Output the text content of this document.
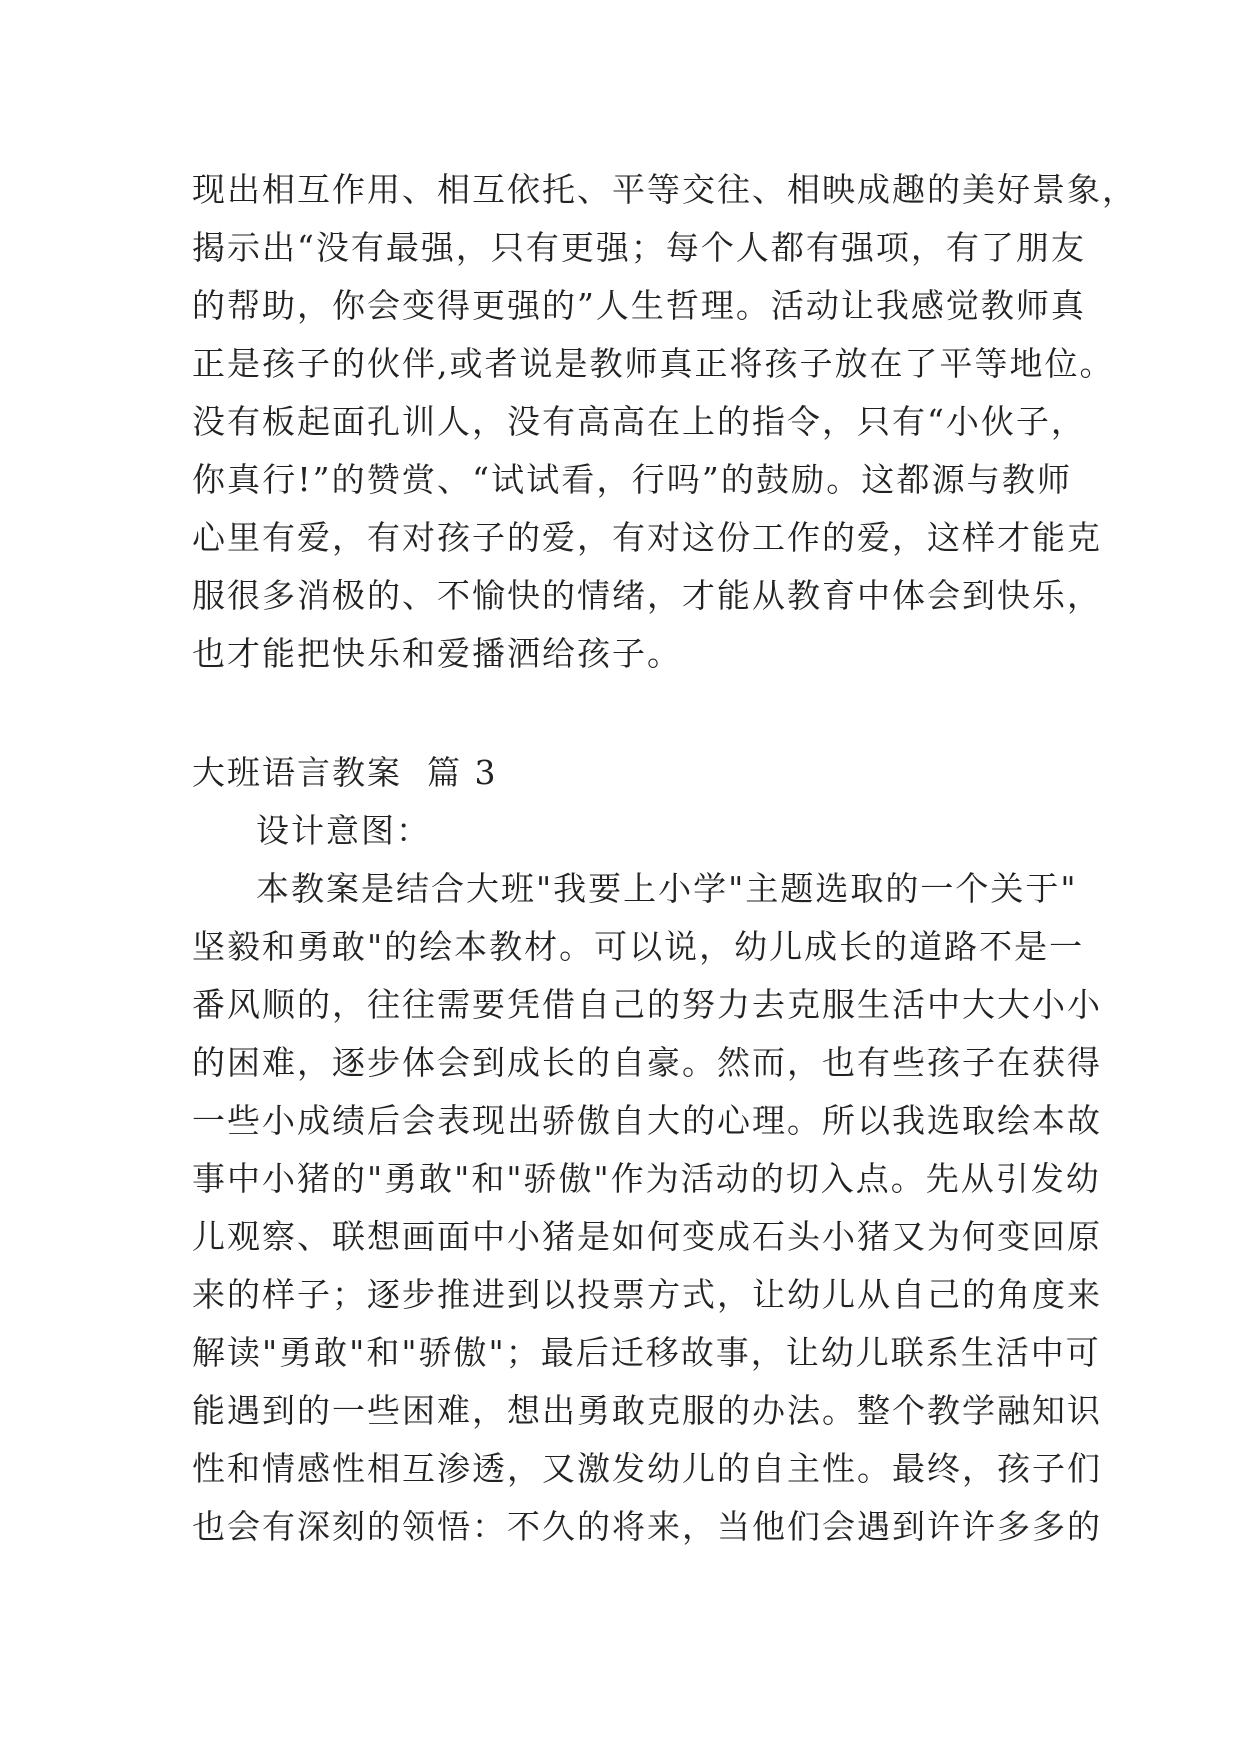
现出相互作用、相互依托、平等交往、相映成趣的美好景象，
揭示出“没有最强，只有更强；每个人都有强项，有了朋友
的帮助，你会变得更强的”人生哲理。活动让我感觉教师真
正是孩子的伙伴,或者说是教师真正将孩子放在了平等地位。
没有板起面孔训人，没有高高在上的指令，只有“小伙子，
你真行!”的赞赏、“试试看，行吗”的鼓励。这都源与教师
心里有爱，有对孩子的爱，有对这份工作的爱，这样才能克
服很多消极的、不愉快的情绪，才能从教育中体会到快乐，
也才能把快乐和爱播洒给孩子。
大班语言教案  篇 3
设计意图：
本教案是结合大班"我要上小学"主题选取的一个关于"
坚毅和勇敢"的绘本教材。可以说，幼儿成长的道路不是一
番风顺的，往往需要凭借自己的努力去克服生活中大大小小
的困难，逐步体会到成长的自豪。然而，也有些孩子在获得
一些小成绩后会表现出骄傲自大的心理。所以我选取绘本故
事中小猪的"勇敢"和"骄傲"作为活动的切入点。先从引发幼
儿观察、联想画面中小猪是如何变成石头小猪又为何变回原
来的样子；逐步推进到以投票方式，让幼儿从自己的角度来
解读"勇敢"和"骄傲"；最后迁移故事，让幼儿联系生活中可
能遇到的一些困难，想出勇敢克服的办法。整个教学融知识
性和情感性相互渗透，又激发幼儿的自主性。最终，孩子们
也会有深刻的领悟：不久的将来，当他们会遇到许许多多的
